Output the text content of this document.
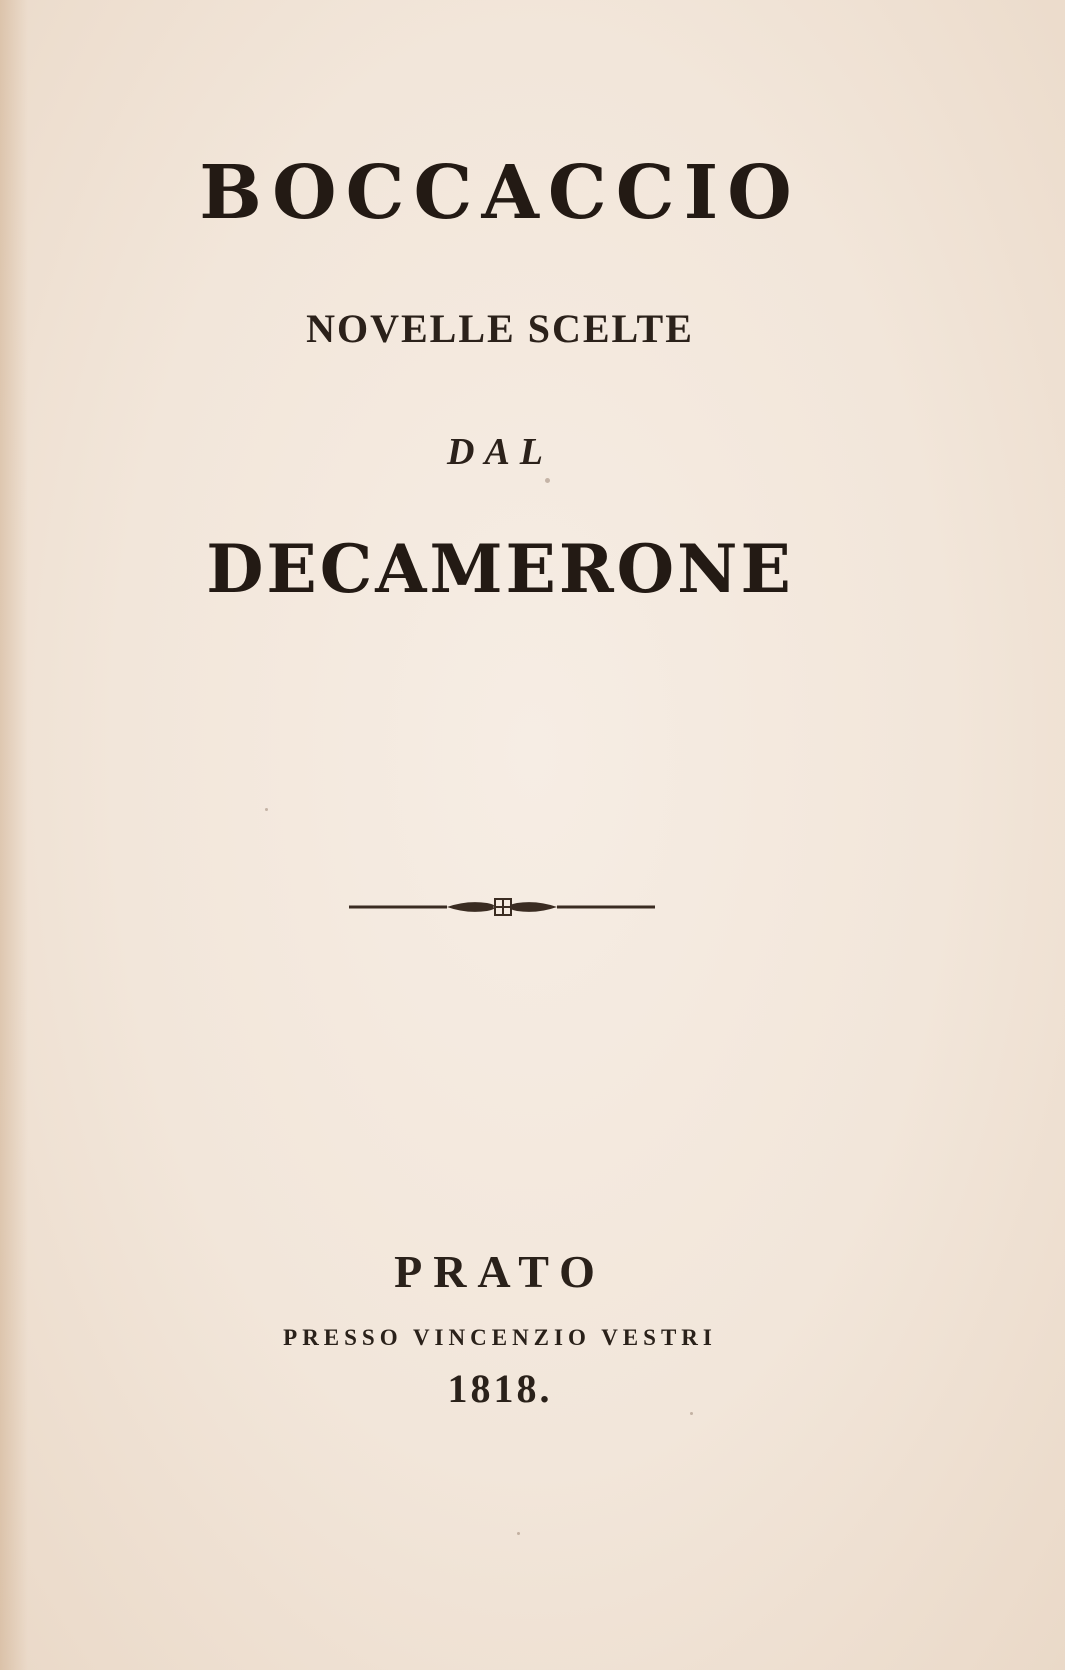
BOCCACCIO
NOVELLE SCELTE
DAL
DECAMERONE
PRATO
PRESSO VINCENZIO VESTRI
1818.
